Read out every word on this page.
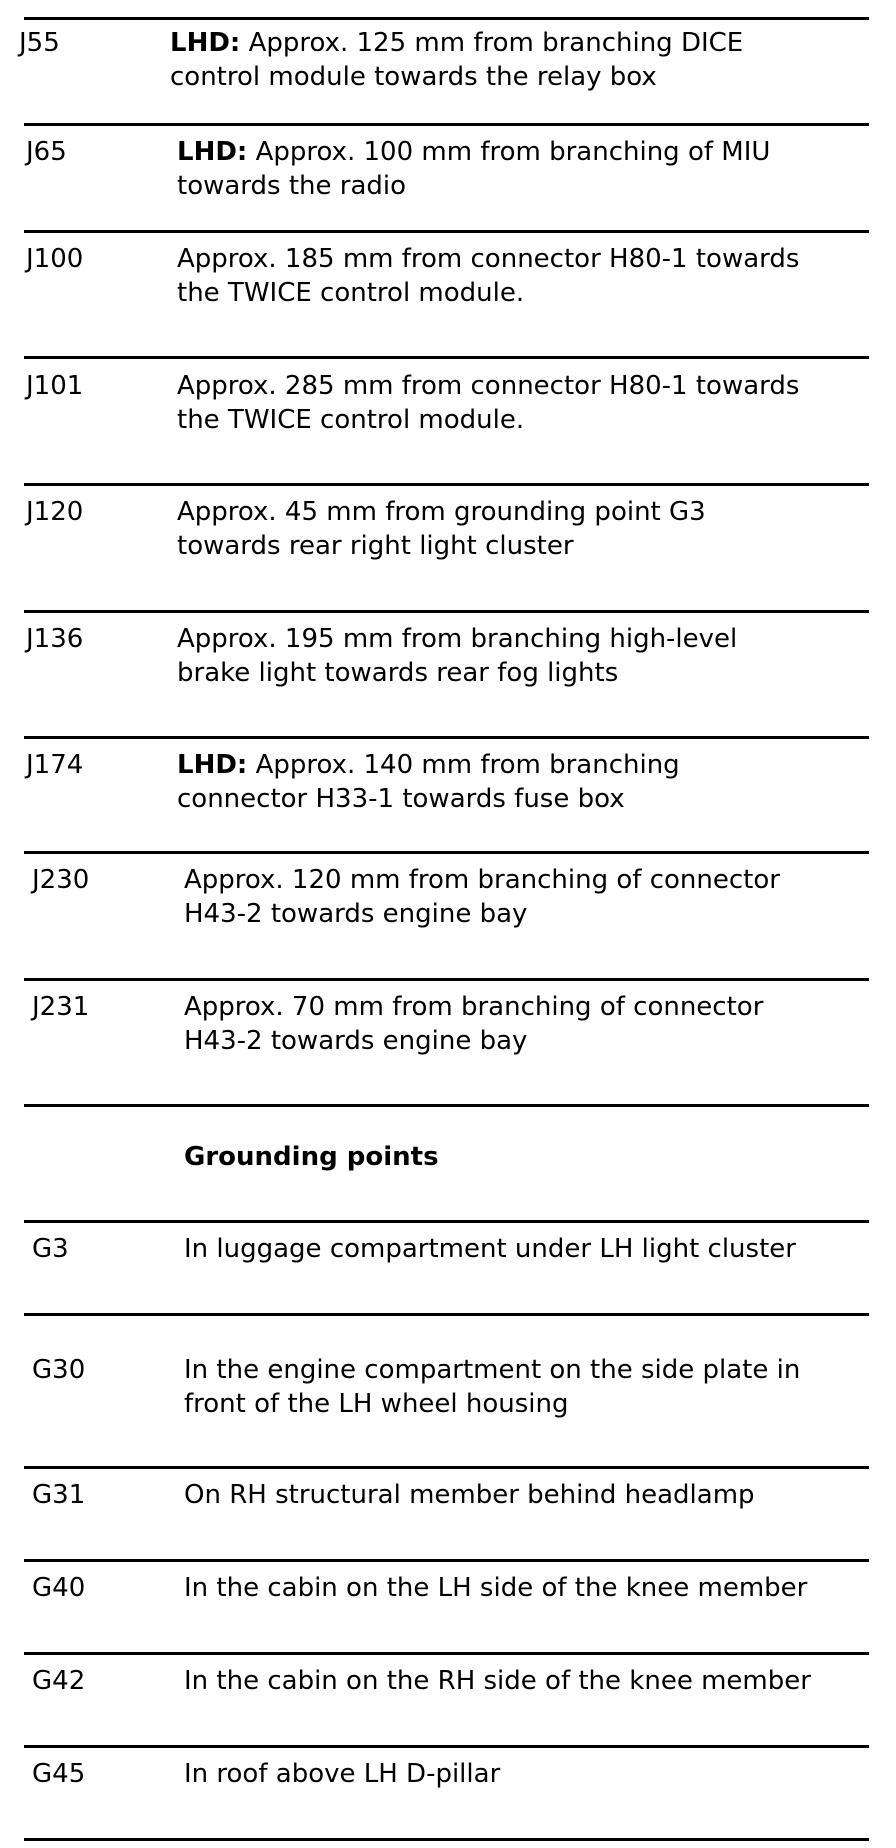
J55	LHD: Approx. 125 mm from branching DICE
control module towards the relay box
J65	LHD: Approx. 100 mm from branching of MIU
towards the radio
J100	Approx. 185 mm from connector H80-1 towards
the TWICE control module.
J101	Approx. 285 mm from connector H80-1 towards
the TWICE control module.
J120	Approx. 45 mm from grounding point G3
towards rear right light cluster
J136	Approx. 195 mm from branching high-level
brake light towards rear fog lights
J174	LHD: Approx. 140 mm from branching
connector H33-1 towards fuse box
J230	Approx. 120 mm from branching of connector
H43-2 towards engine bay
J231	Approx. 70 mm from branching of connector
H43-2 towards engine bay
Grounding points
G3	In luggage compartment under LH light cluster
G30	In the engine compartment on the side plate in
front of the LH wheel housing
G31	On RH structural member behind headlamp
G40	In the cabin on the LH side of the knee member
G42	In the cabin on the RH side of the knee member
G45	In roof above LH D-pillar
